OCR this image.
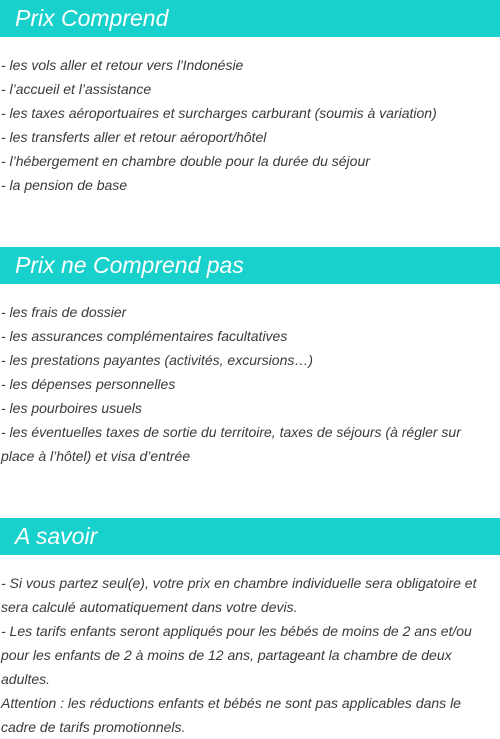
Prix Comprend
- les vols aller et retour vers l'Indonésie
- l’accueil et l’assistance
- les taxes aéroportuaires et surcharges carburant (soumis à variation)
- les transferts aller et retour aéroport/hôtel
- l’hébergement en chambre double pour la durée du séjour
- la pension de base
Prix ne Comprend pas
- les frais de dossier
- les assurances complémentaires facultatives
- les prestations payantes (activités, excursions…)
- les dépenses personnelles
- les pourboires usuels
- les éventuelles taxes de sortie du territoire, taxes de séjours (à régler sur place à l’hôtel) et visa d’entrée
A savoir
- Si vous partez seul(e), votre prix en chambre individuelle sera obligatoire et sera calculé automatiquement dans votre devis.
- Les tarifs enfants seront appliqués pour les bébés de moins de 2 ans et/ou pour les enfants de 2 à moins de 12 ans, partageant la chambre de deux adultes.
Attention : les réductions enfants et bébés ne sont pas applicables dans le cadre de tarifs promotionnels.
